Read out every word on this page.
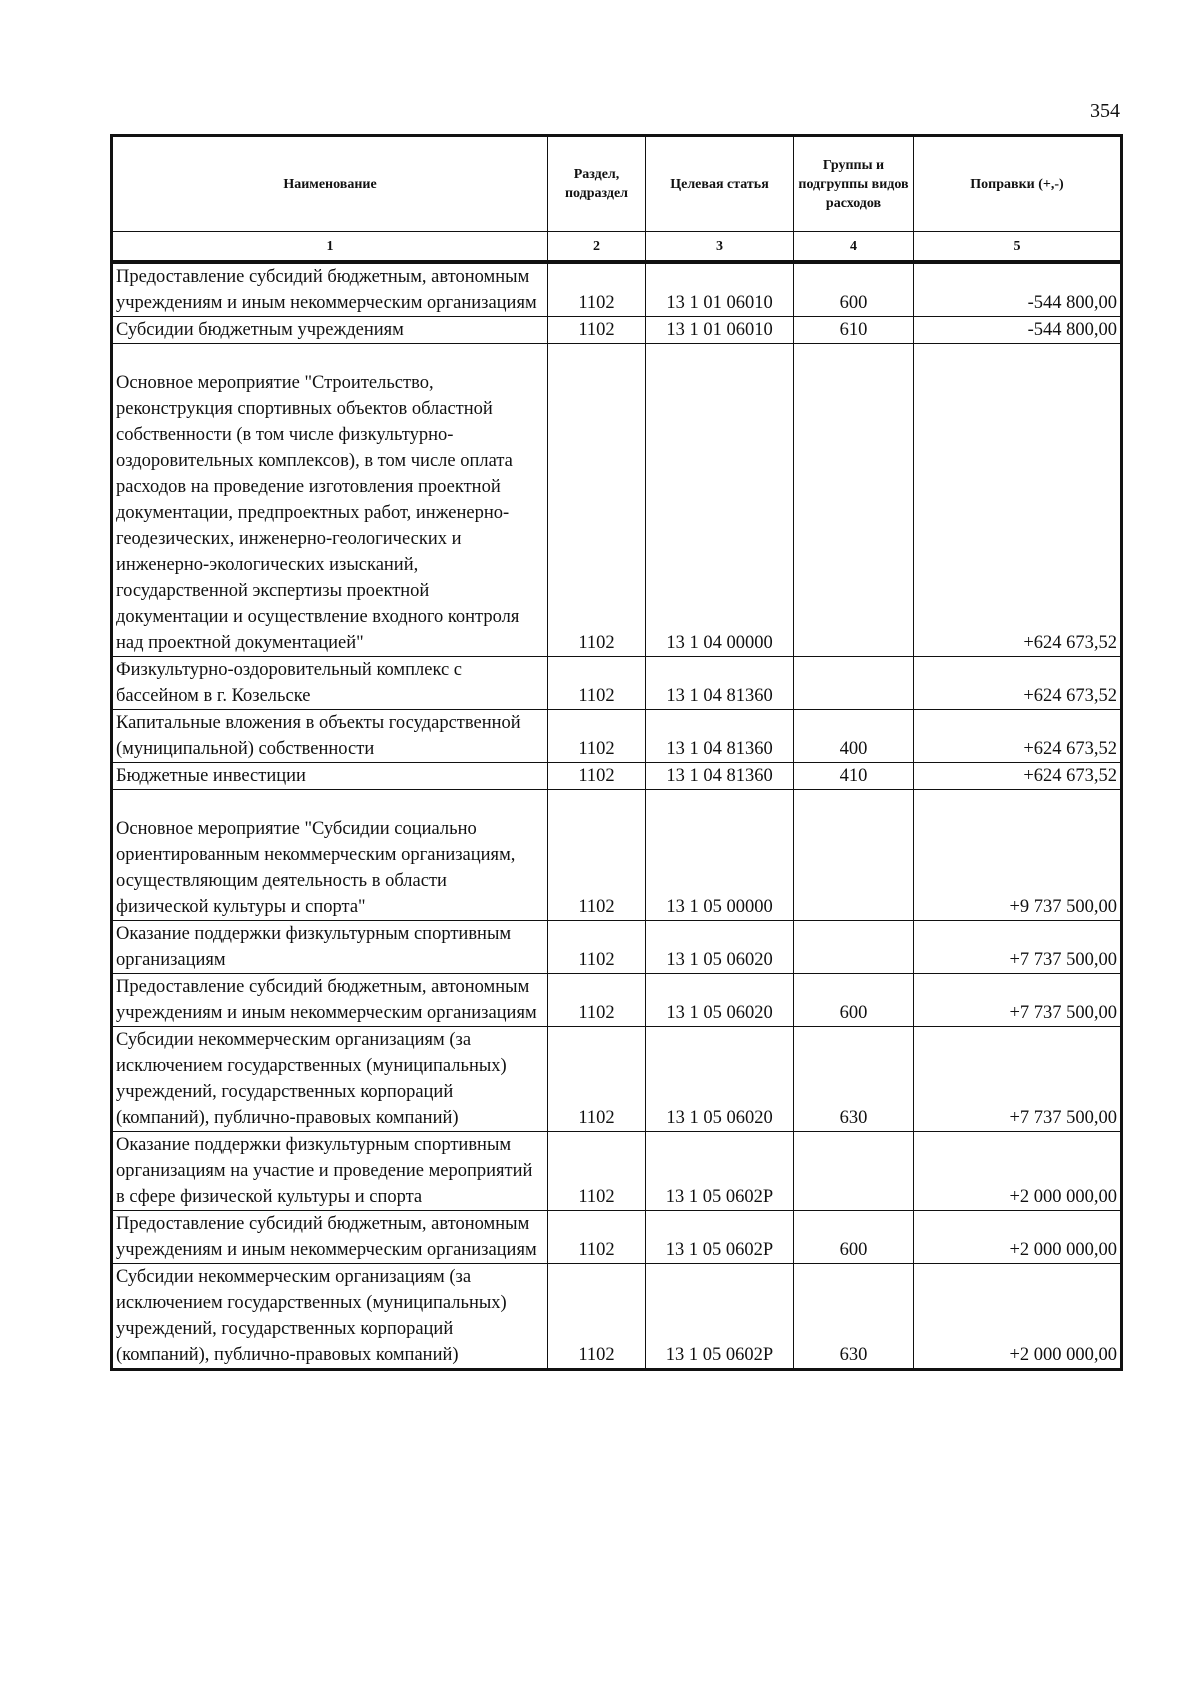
354
Наименование	Раздел, подраздел	Целевая статья	Группы и подгруппы видов расходов	Поправки (+,-)
1	2	3	4	5
Предоставление субсидий бюджетным, автономным учреждениям и иным некоммерческим организациям	1102	13 1 01 06010	600	-544 800,00
Субсидии бюджетным учреждениям	1102	13 1 01 06010	610	-544 800,00
Основное мероприятие "Строительство, реконструкция спортивных объектов областной собственности (в том числе физкультурно-оздоровительных комплексов), в том числе оплата расходов на проведение изготовления проектной документации, предпроектных работ, инженерно-геодезических, инженерно-геологических и инженерно-экологических изысканий, государственной экспертизы проектной документации и осуществление входного контроля над проектной документацией"	1102	13 1 04 00000		+624 673,52
Физкультурно-оздоровительный комплекс с бассейном в г. Козельске	1102	13 1 04 81360		+624 673,52
Капитальные вложения в объекты государственной (муниципальной) собственности	1102	13 1 04 81360	400	+624 673,52
Бюджетные инвестиции	1102	13 1 04 81360	410	+624 673,52
Основное мероприятие "Субсидии социально ориентированным некоммерческим организациям, осуществляющим деятельность в области физической культуры и спорта"	1102	13 1 05 00000		+9 737 500,00
Оказание поддержки физкультурным спортивным организациям	1102	13 1 05 06020		+7 737 500,00
Предоставление субсидий бюджетным, автономным учреждениям и иным некоммерческим организациям	1102	13 1 05 06020	600	+7 737 500,00
Субсидии некоммерческим организациям (за исключением государственных (муниципальных) учреждений, государственных корпораций (компаний), публично-правовых компаний)	1102	13 1 05 06020	630	+7 737 500,00
Оказание поддержки физкультурным спортивным организациям на участие и проведение мероприятий в сфере физической культуры и спорта	1102	13 1 05 0602P		+2 000 000,00
Предоставление субсидий бюджетным, автономным учреждениям и иным некоммерческим организациям	1102	13 1 05 0602P	600	+2 000 000,00
Субсидии некоммерческим организациям (за исключением государственных (муниципальных) учреждений, государственных корпораций (компаний), публично-правовых компаний)	1102	13 1 05 0602P	630	+2 000 000,00
